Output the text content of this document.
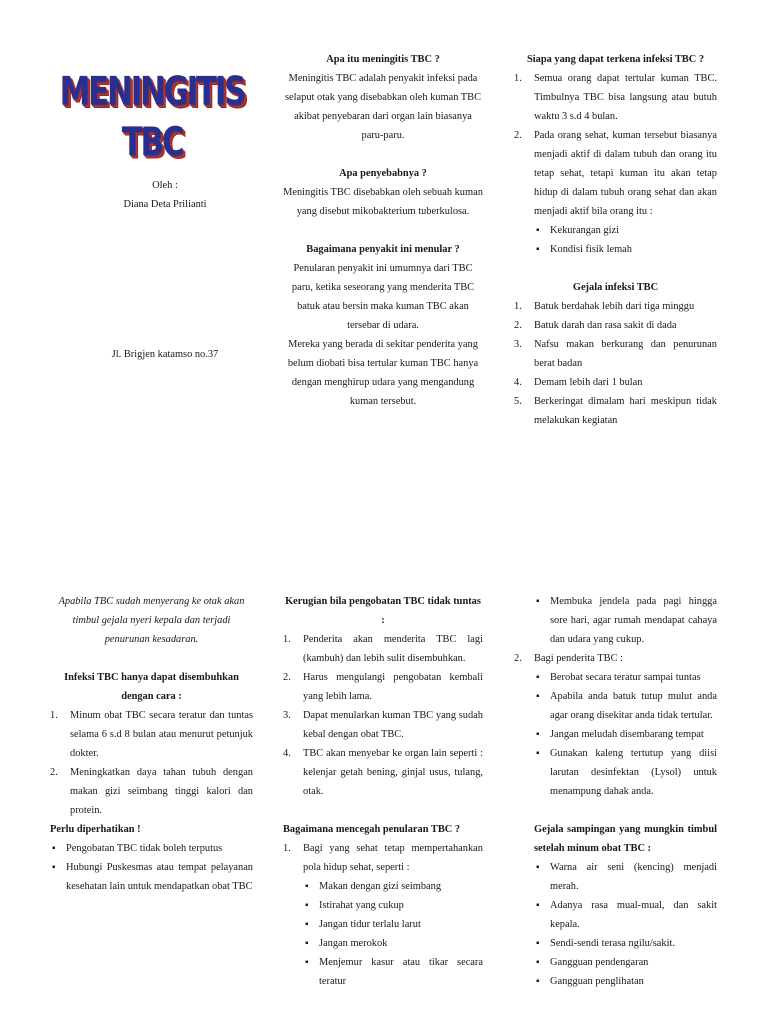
MENINGITIS TBC
Oleh :
Diana Deta Prilianti
Jl. Brigjen katamso no.37
Apa itu meningitis TBC ?
Meningitis TBC adalah penyakit infeksi pada selaput otak yang disebabkan oleh kuman TBC akibat penyebaran dari organ lain biasanya paru-paru.
Apa penyebabnya ?
Meningitis TBC disebabkan oleh sebuah kuman yang disebut mikobakterium tuberkulosa.
Bagaimana penyakit ini menular ?
Penularan penyakit ini umumnya dari TBC paru, ketika seseorang yang menderita TBC batuk atau bersin maka kuman TBC akan tersebar di udara.
Mereka yang berada di sekitar penderita yang belum diobati bisa tertular kuman TBC hanya dengan menghirup udara yang mengandung kuman tersebut.
Siapa yang dapat terkena infeksi TBC ?
1. Semua orang dapat tertular kuman TBC. Timbulnya TBC bisa langsung atau butuh waktu 3 s.d 4 bulan.
2. Pada orang sehat, kuman tersebut biasanya menjadi aktif di dalam tubuh dan orang itu tetap sehat, tetapi kuman itu akan tetap hidup di dalam tubuh orang sehat dan akan menjadi aktif bila orang itu :
▪ Kekurangan gizi
▪ Kondisi fisik lemah
Gejala infeksi TBC
1. Batuk berdahak lebih dari tiga minggu
2. Batuk darah dan rasa sakit di dada
3. Nafsu makan berkurang dan penurunan berat badan
4. Demam lebih dari 1 bulan
5. Berkeringat dimalam hari meskipun tidak melakukan kegiatan
Apabila TBC sudah menyerang ke otak akan timbul gejala nyeri kepala dan terjadi penurunan kesadaran.
Infeksi TBC hanya dapat disembuhkan dengan cara :
1. Minum obat TBC secara teratur dan tuntas selama 6 s.d 8 bulan atau menurut petunjuk dokter.
2. Meningkatkan daya tahan tubuh dengan makan gizi seimbang tinggi kalori dan protein.
Perlu diperhatikan !
▪ Pengobatan TBC tidak boleh terputus
▪ Hubungi Puskesmas atau tempat pelayanan kesehatan lain untuk mendapatkan obat TBC
Kerugian bila pengobatan TBC tidak tuntas :
1. Penderita akan menderita TBC lagi (kambuh) dan lebih sulit disembuhkan.
2. Harus mengulangi pengobatan kembali yang lebih lama.
3. Dapat menularkan kuman TBC yang sudah kebal dengan obat TBC.
4. TBC akan menyebar ke organ lain seperti : kelenjar getah bening, ginjal usus, tulang, otak.
Bagaimana mencegah penularan TBC ?
1. Bagi yang sehat tetap mempertahankan pola hidup sehat, seperti :
▪ Makan dengan gizi seimbang
▪ Istirahat yang cukup
▪ Jangan tidur terlalu larut
▪ Jangan merokok
▪ Menjemur kasur atau tikar secara teratur
▪ Membuka jendela pada pagi hingga sore hari, agar rumah mendapat cahaya dan udara yang cukup.
2. Bagi penderita TBC :
▪ Berobat secara teratur sampai tuntas
▪ Apabila anda batuk tutup mulut anda agar orang disekitar anda tidak tertular.
▪ Jangan meludah disembarang tempat
▪ Gunakan kaleng tertutup yang diisi larutan desinfektan (Lysol) untuk menampung dahak anda.
Gejala sampingan yang mungkin timbul setelah minum obat TBC :
▪ Warna air seni (kencing) menjadi merah.
▪ Adanya rasa mual-mual, dan sakit kepala.
▪ Sendi-sendi terasa ngilu/sakit.
▪ Gangguan pendengaran
▪ Gangguan penglihatan
